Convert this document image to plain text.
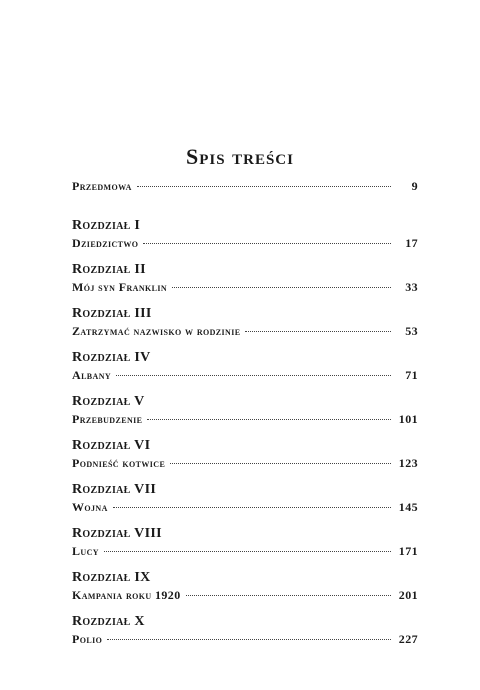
Spis treści
Przedmowa	9
Rozdział I
Dziedzictwo	17
Rozdział II
Mój syn Franklin	33
Rozdział III
Zatrzymać nazwisko w rodzinie	53
Rozdział IV
Albany	71
Rozdział V
Przebudzenie	101
Rozdział VI
Podnieść kotwice	123
Rozdział VII
Wojna	145
Rozdział VIII
Lucy	171
Rozdział IX
Kampania roku 1920	201
Rozdział X
Polio	227
